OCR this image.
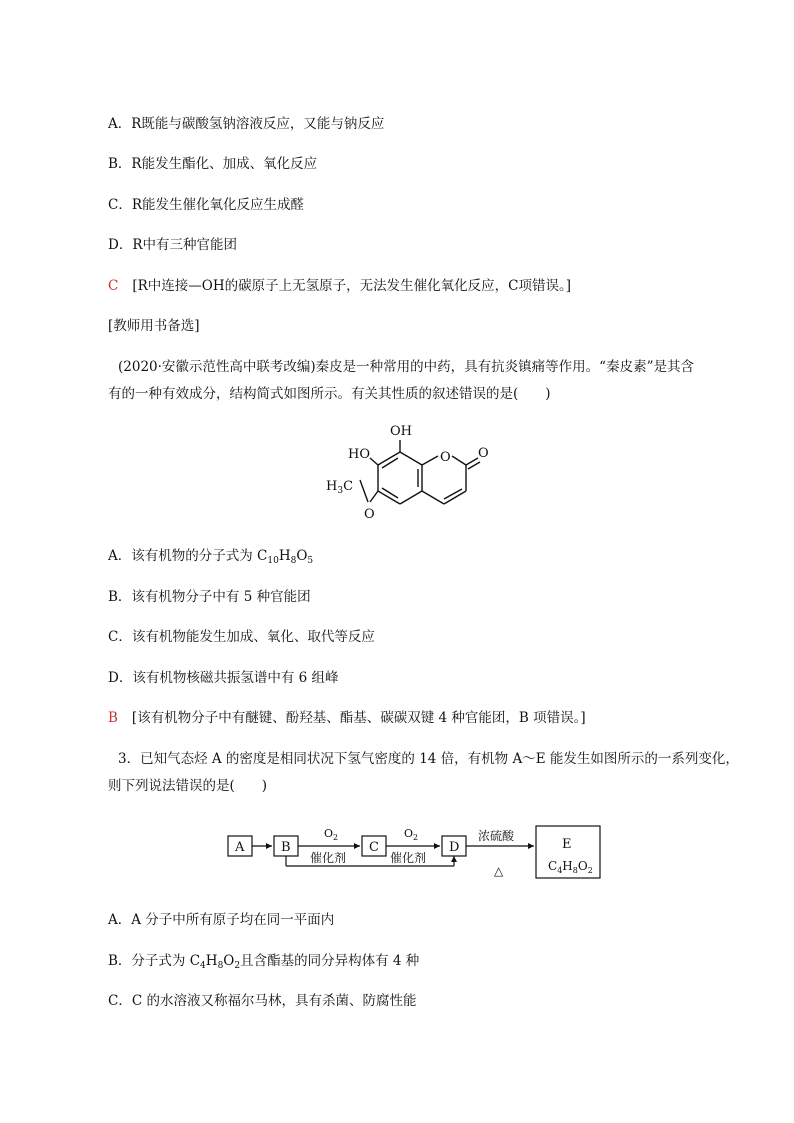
A．R既能与碳酸氢钠溶液反应，又能与钠反应
B．R能发生酯化、加成、氧化反应
C．R能发生催化氧化反应生成醛
D．R中有三种官能团
C [R中连接—OH的碳原子上无氢原子，无法发生催化氧化反应，C项错误。]
[教师用书备选]
(2020·安徽示范性高中联考改编)秦皮是一种常用的中药，具有抗炎镇痛等作用。“秦皮素”是其含
有的一种有效成分，结构简式如图所示。有关其性质的叙述错误的是(　　)
OH
HO	O O
$H_3C$
O
A．该有机物的分子式为 $C_{10}H_8O_5$
B．该有机物分子中有 5 种官能团
C．该有机物能发生加成、氧化、取代等反应
D．该有机物核磁共振氢谱中有 6 组峰
B [该有机物分子中有醚键、酚羟基、酯基、碳碳双键 4 种官能团，B 项错误。]
3．已知气态烃 A 的密度是相同状况下氢气密度的 14 倍，有机物 A～E 能发生如图所示的一系列变化，
则下列说法错误的是(　　)
A	B	C	D	E
$O_2$	$O_2$
催化剂	催化剂
浓硫酸
△	$C_4H_8O_2$
A．A 分子中所有原子均在同一平面内
B．分子式为 $C_4H_8O_2$且含酯基的同分异构体有 4 种
C．C 的水溶液又称福尔马林，具有杀菌、防腐性能
